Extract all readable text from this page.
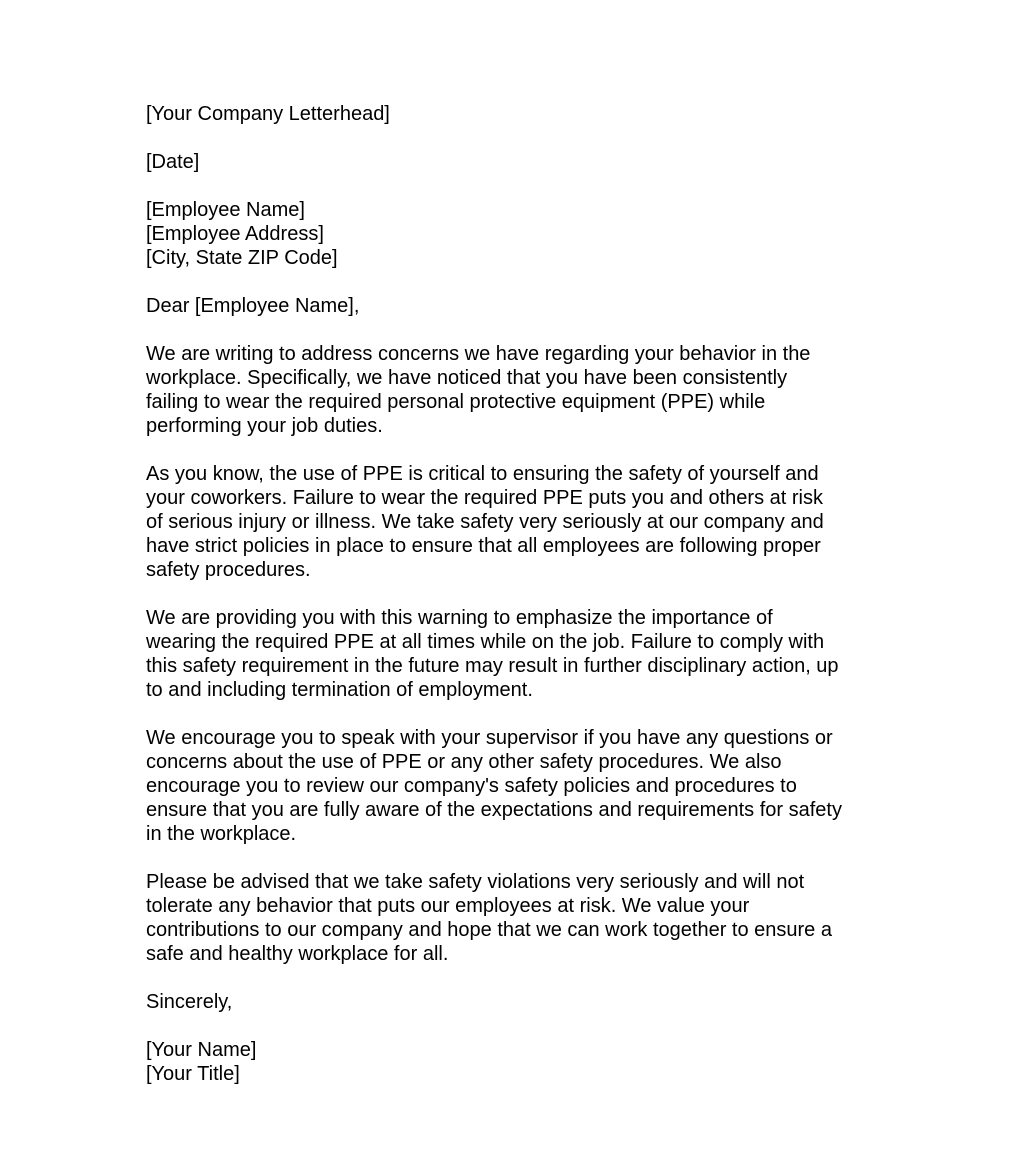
[Your Company Letterhead]

[Date]

[Employee Name]

[Employee Address]

[City, State ZIP Code]

Dear [Employee Name],

We are writing to address concerns we have regarding your behavior in the

workplace. Specifically, we have noticed that you have been consistently

failing to wear the required personal protective equipment (PPE) while

performing your job duties.

As you know, the use of PPE is critical to ensuring the safety of yourself and

your coworkers. Failure to wear the required PPE puts you and others at risk

of serious injury or illness. We take safety very seriously at our company and

have strict policies in place to ensure that all employees are following proper

safety procedures.

We are providing you with this warning to emphasize the importance of

wearing the required PPE at all times while on the job. Failure to comply with

this safety requirement in the future may result in further disciplinary action, up

to and including termination of employment.

We encourage you to speak with your supervisor if you have any questions or

concerns about the use of PPE or any other safety procedures. We also

encourage you to review our company's safety policies and procedures to

ensure that you are fully aware of the expectations and requirements for safety

in the workplace.

Please be advised that we take safety violations very seriously and will not

tolerate any behavior that puts our employees at risk. We value your

contributions to our company and hope that we can work together to ensure a

safe and healthy workplace for all.

Sincerely,

[Your Name]

[Your Title]
